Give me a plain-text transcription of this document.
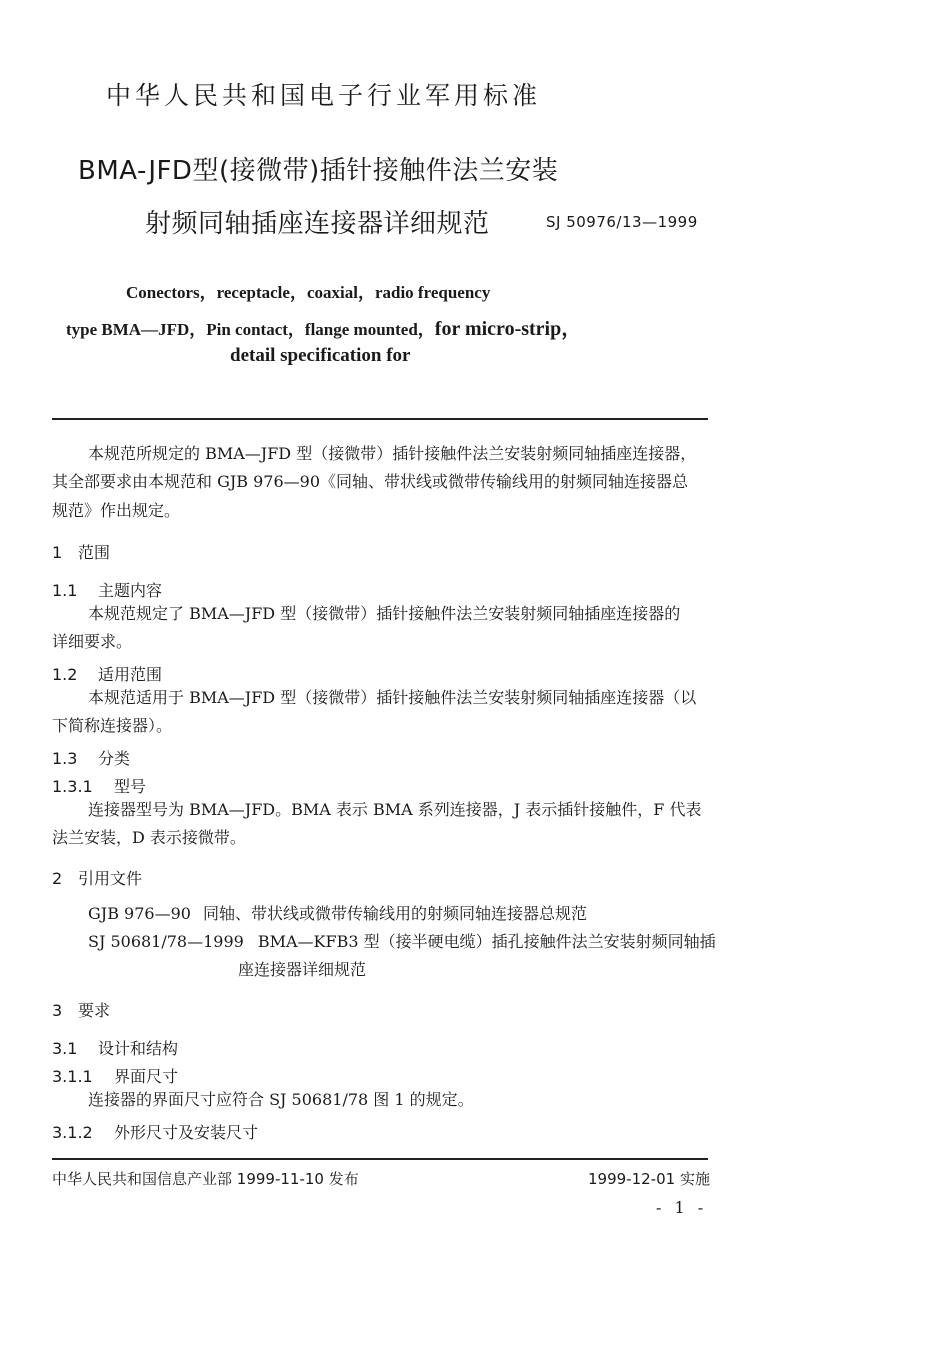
中华人民共和国电子行业军用标准
BMA-JFD型(接微带)插针接触件法兰安装
射频同轴插座连接器详细规范	SJ 50976/13—1999
Conectors，receptacle，coaxial，radio frequency
type BMA—JFD，Pin contact，flange mounted，for micro-strip，
detail specification for
本规范所规定的 BMA—JFD 型（接微带）插针接触件法兰安装射频同轴插座连接器，
其全部要求由本规范和 GJB 976—90《同轴、带状线或微带传输线用的射频同轴连接器总
规范》作出规定。
1 范围
1.1 主题内容
本规范规定了 BMA—JFD 型（接微带）插针接触件法兰安装射频同轴插座连接器的
详细要求。
1.2 适用范围
本规范适用于 BMA—JFD 型（接微带）插针接触件法兰安装射频同轴插座连接器（以
下简称连接器）。
1.3 分类
1.3.1 型号
连接器型号为 BMA—JFD。BMA 表示 BMA 系列连接器，J 表示插针接触件，F 代表
法兰安装，D 表示接微带。
2 引用文件
GJB 976—90 同轴、带状线或微带传输线用的射频同轴连接器总规范
SJ 50681/78—1999 BMA—KFB3 型（接半硬电缆）插孔接触件法兰安装射频同轴插
座连接器详细规范
3 要求
3.1 设计和结构
3.1.1 界面尺寸
连接器的界面尺寸应符合 SJ 50681/78 图 1 的规定。
3.1.2 外形尺寸及安装尺寸
中华人民共和国信息产业部 1999-11-10 发布	1999-12-01 实施
- 1 -
